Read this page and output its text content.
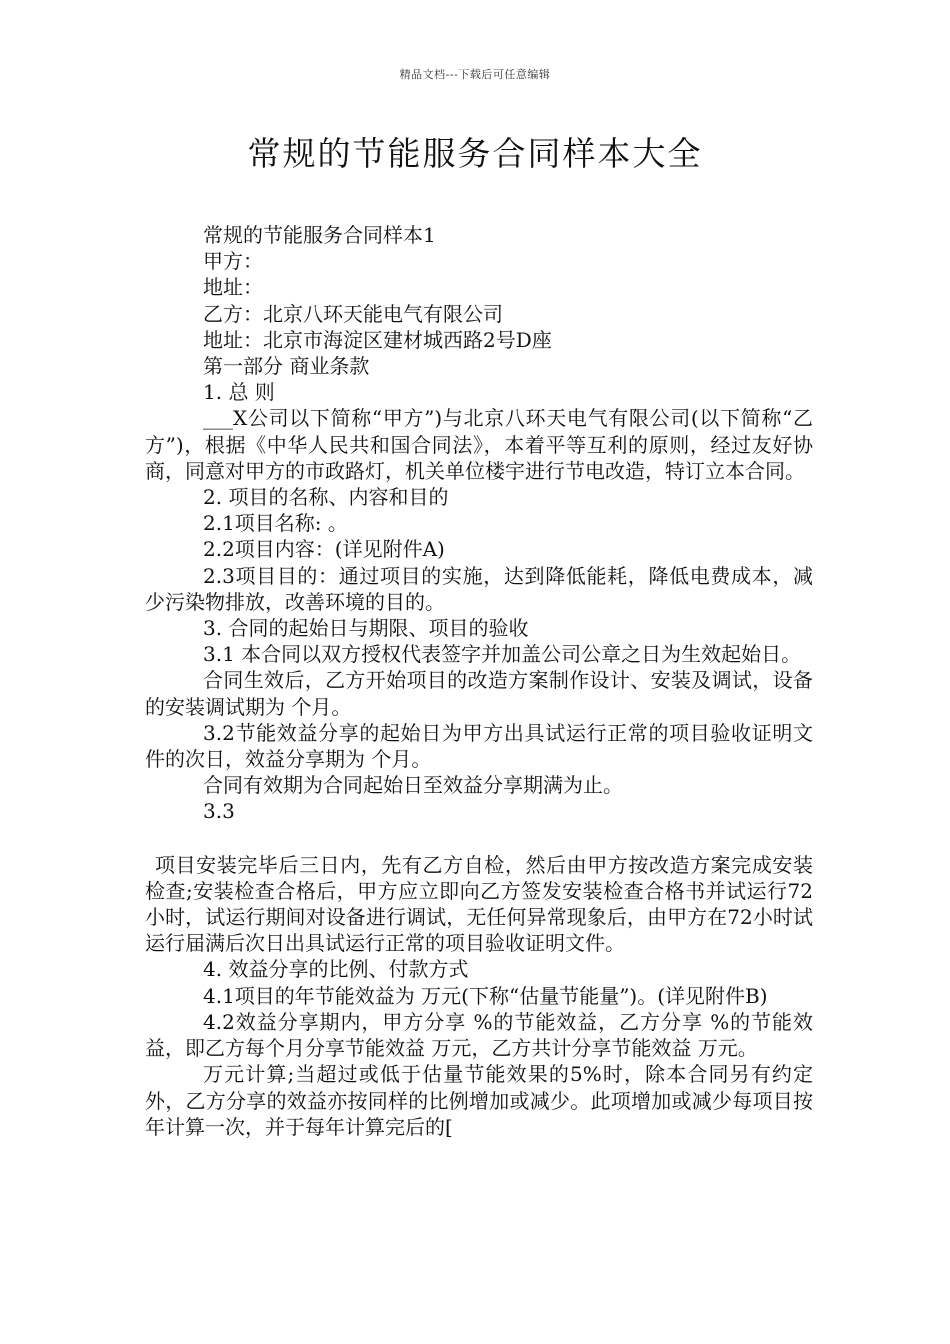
精品文档---下载后可任意编辑
常规的节能服务合同样本大全

常规的节能服务合同样本1

甲方：

地址：

乙方：北京八环天能电气有限公司

地址：北京市海淀区建材城西路2号D座

第一部分 商业条款

1. 总 则

___X公司以下简称“甲方”)与北京八环天电气有限公司(以下简称“乙方”)，根据《中华人民共和国合同法》，本着平等互利的原则，经过友好协商，同意对甲方的市政路灯，机关单位楼宇进行节电改造，特订立本合同。

2. 项目的名称、内容和目的

2.1项目名称: 。

2.2项目内容：(详见附件A)

2.3项目目的：通过项目的实施，达到降低能耗，降低电费成本，减少污染物排放，改善环境的目的。

3. 合同的起始日与期限、项目的验收

3.1 本合同以双方授权代表签字并加盖公司公章之日为生效起始日。

合同生效后，乙方开始项目的改造方案制作设计、安装及调试，设备的安装调试期为 个月。

3.2节能效益分享的起始日为甲方出具试运行正常的项目验收证明文件的次日，效益分享期为 个月。

合同有效期为合同起始日至效益分享期满为止。

3.3

项目安装完毕后三日内，先有乙方自检，然后由甲方按改造方案完成安装检查;安装检查合格后，甲方应立即向乙方签发安装检查合格书并试运行72小时，试运行期间对设备进行调试，无任何异常现象后，由甲方在72小时试运行届满后次日出具试运行正常的项目验收证明文件。

4. 效益分享的比例、付款方式

4.1项目的年节能效益为 万元(下称“估量节能量”)。(详见附件B)

4.2效益分享期内，甲方分享 %的节能效益，乙方分享 %的节能效益，即乙方每个月分享节能效益 万元，乙方共计分享节能效益 万元。

万元计算;当超过或低于估量节能效果的5%时，除本合同另有约定外，乙方分享的效益亦按同样的比例增加或减少。此项增加或减少每项目按年计算一次，并于每年计算完后的[
